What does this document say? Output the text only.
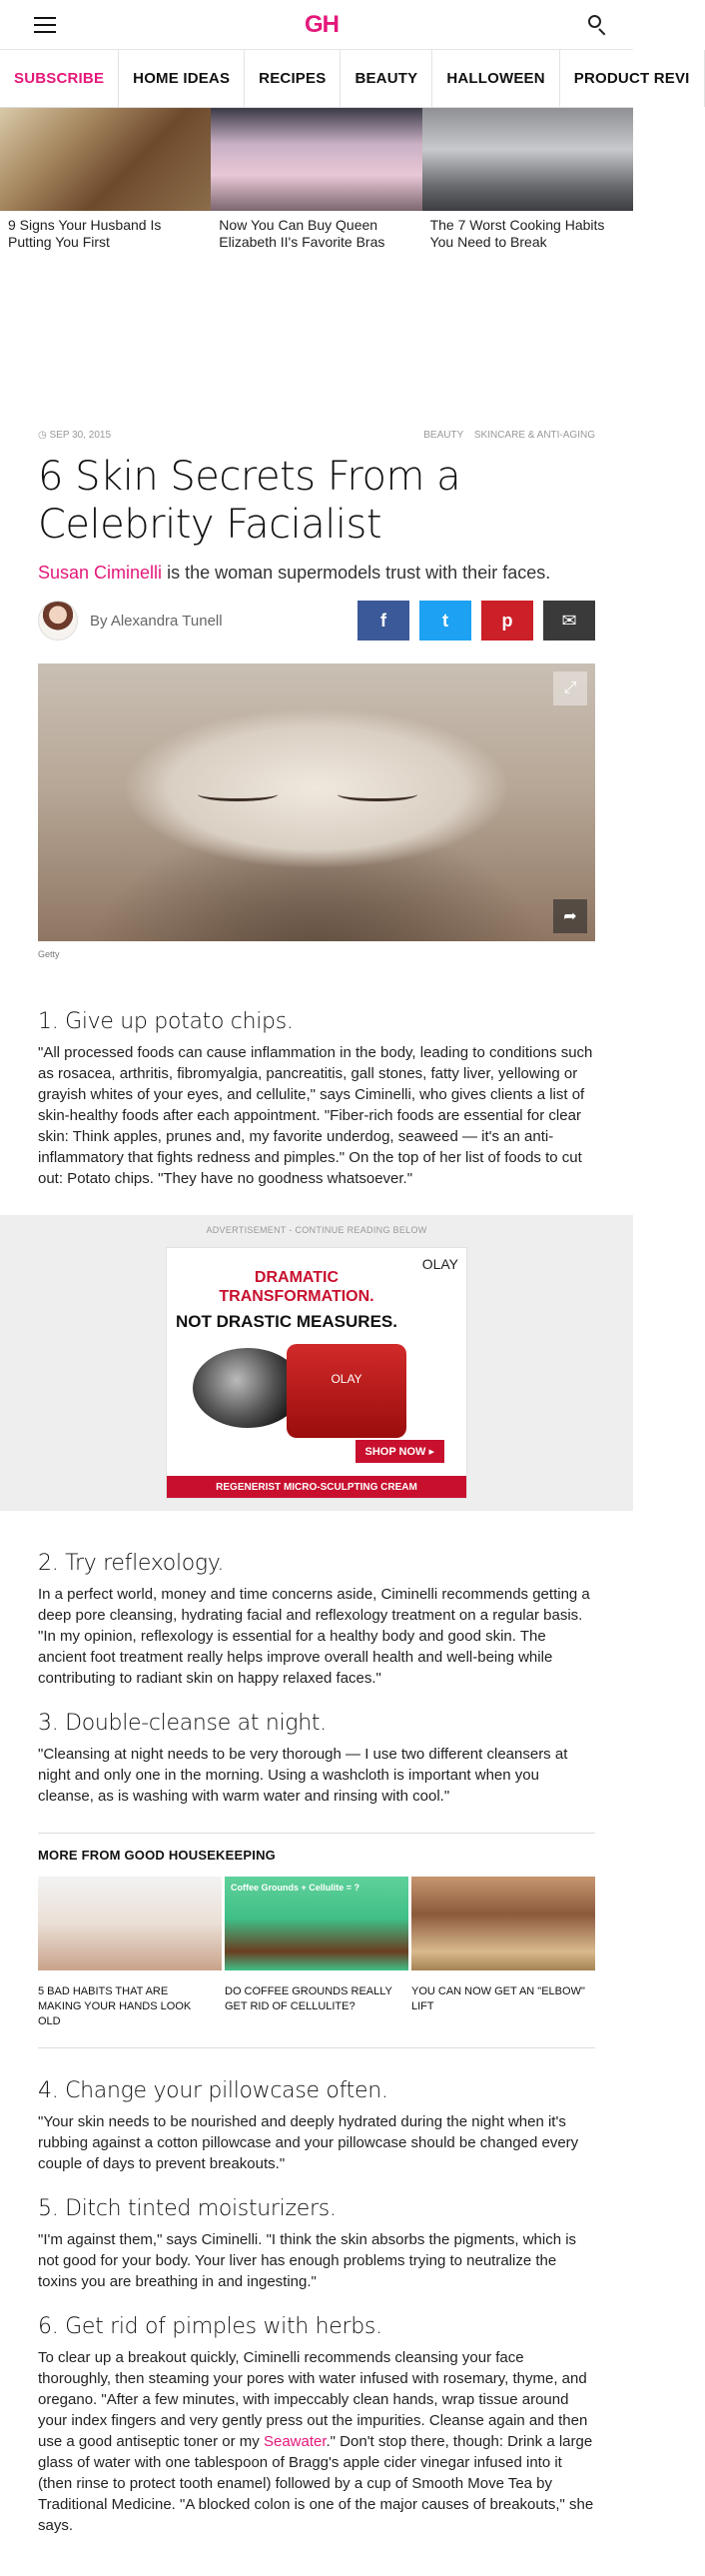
GH
SUBSCRIBE	HOME IDEAS	RECIPES	BEAUTY	HALLOWEEN	PRODUCT REVI
9 Signs Your Husband Is Putting You First
Now You Can Buy Queen Elizabeth II's Favorite Bras
The 7 Worst Cooking Habits You Need to Break
◷ SEP 30, 2015	BEAUTY SKINCARE & ANTI-AGING
6 Skin Secrets From a Celebrity Facialist
Susan Ciminelli is the woman supermodels trust with their faces.
By Alexandra Tunell	f	t	p	✉
⤢
➦
Getty
1. Give up potato chips.

"All processed foods can cause inflammation in the body, leading to conditions such as rosacea, arthritis, fibromyalgia, pancreatitis, gall stones, fatty liver, yellowing or grayish whites of your eyes, and cellulite," says Ciminelli, who gives clients a list of skin-healthy foods after each appointment. "Fiber-rich foods are essential for clear skin: Think apples, prunes and, my favorite underdog, seaweed — it's an anti-inflammatory that fights redness and pimples." On the top of her list of foods to cut out: Potato chips. "They have no goodness whatsoever."

ADVERTISEMENT - CONTINUE READING BELOW
OLAY
DRAMATIC TRANSFORMATION.
NOT DRASTIC MEASURES.
OLAY
SHOP NOW ▸
REGENERIST MICRO-SCULPTING CREAM
2. Try reflexology.

In a perfect world, money and time concerns aside, Ciminelli recommends getting a deep pore cleansing, hydrating facial and reflexology treatment on a regular basis. "In my opinion, reflexology is essential for a healthy body and good skin. The ancient foot treatment really helps improve overall health and well-being while contributing to radiant skin on happy relaxed faces."

3. Double-cleanse at night.

"Cleansing at night needs to be very thorough — I use two different cleansers at night and only one in the morning. Using a washcloth is important when you cleanse, as is washing with warm water and rinsing with cool."

MORE FROM GOOD HOUSEKEEPING
5 BAD HABITS THAT ARE MAKING YOUR HANDS LOOK OLD
Coffee Grounds + Cellulite = ?
DO COFFEE GROUNDS REALLY GET RID OF CELLULITE?
YOU CAN NOW GET AN "ELBOW" LIFT
4. Change your pillowcase often.

"Your skin needs to be nourished and deeply hydrated during the night when it's rubbing against a cotton pillowcase and your pillowcase should be changed every couple of days to prevent breakouts."

5. Ditch tinted moisturizers.

"I'm against them," says Ciminelli. "I think the skin absorbs the pigments, which is not good for your body. Your liver has enough problems trying to neutralize the toxins you are breathing in and ingesting."

6. Get rid of pimples with herbs.

To clear up a breakout quickly, Ciminelli recommends cleansing your face thoroughly, then steaming your pores with water infused with rosemary, thyme, and oregano. "After a few minutes, with impeccably clean hands, wrap tissue around your index fingers and very gently press out the impurities. Cleanse again and then use a good antiseptic toner or my Seawater." Don't stop there, though: Drink a large glass of water with one tablespoon of Bragg's apple cider vinegar infused into it (then rinse to protect tooth enamel) followed by a cup of Smooth Move Tea by Traditional Medicine. "A blocked colon is one of the major causes of breakouts," she says.
